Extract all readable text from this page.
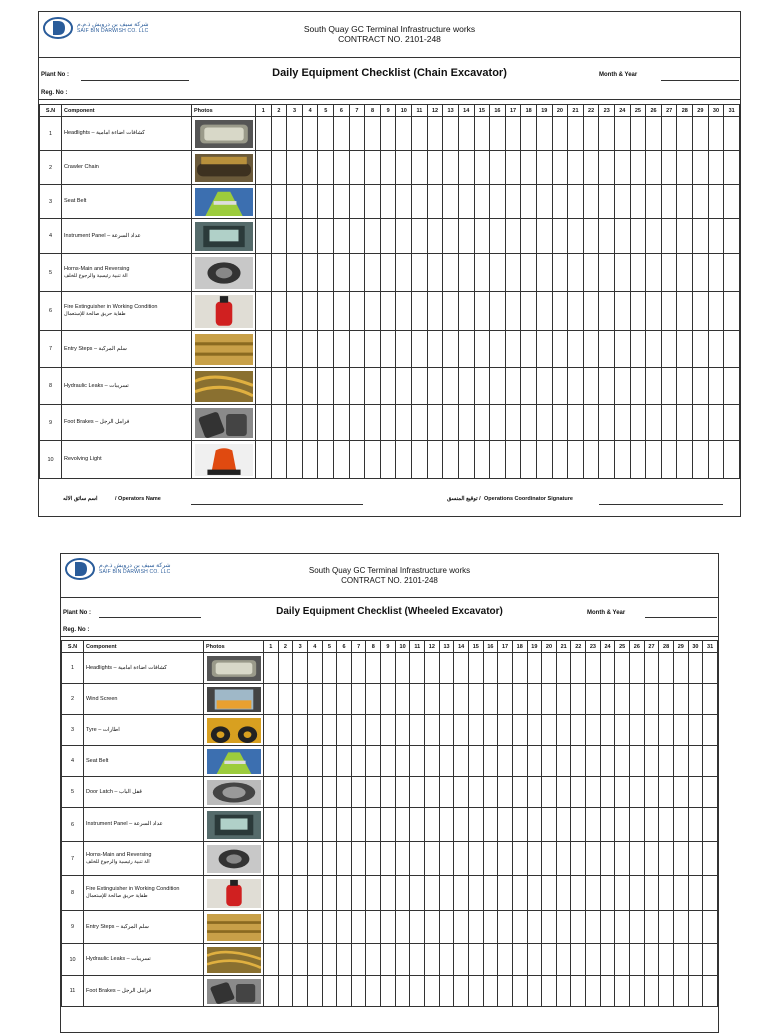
شركة سيف بن درويش ذ.م.م
SAIF BIN DARWISH CO. LLC	South Quay GC Terminal Infrastructure works
CONTRACT NO. 2101-248
Daily Equipment Checklist (Chain Excavator)
Plant No :	Month & Year
Reg. No :
S.N	Component	Photos	1	2	3	4	5	6	7	8	9	10	11	12	13	14	15	16	17	18	19	20	21	22	23	24	25	26	27	28	29	30	31
1	Headlights – كشافات اضاءة امامية	

2	Crawler Chain	

3	Seat Belt	

4	Instrument Panel – عداد السرعة	

5	Horns-Main and Reversing
الة تنبية رئيسية والرجوع للخلف

6	Fire Extinguisher in Working Condition
طفاية حريق صالحة للإستعمال

7	Entry Steps – سلم المركبة	

8	Hydraulic Leaks – تسريبات	

9	Foot Brakes – فرامل الرجل	

10	Revolving Light	

اسم سائق الاله	/ Operators Name	توقيع المنسق / Operations Coordinator Signature
شركة سيف بن درويش ذ.م.م
SAIF BIN DARWISH CO. LLC	South Quay GC Terminal Infrastructure works
CONTRACT NO. 2101-248
Daily Equipment Checklist (Wheeled Excavator)
Plant No :	Month & Year
Reg. No :
S.N	Component	Photos	1	2	3	4	5	6	7	8	9	10	11	12	13	14	15	16	17	18	19	20	21	22	23	24	25	26	27	28	29	30	31
1	Headlights – كشافات اضاءة امامية	

2	Wind Screen	

3	Tyre – اطارات	

4	Seat Belt	

5	Door Latch – قفل الباب	

6	Instrument Panel – عداد السرعة	

7	Horns-Main and Reversing
الة تنبية رئيسية والرجوع للخلف

8	Fire Extinguisher in Working Condition
طفاية حريق صالحة للإستعمال

9	Entry Steps – سلم المركبة	

10	Hydraulic Leaks – تسريبات	

11	Foot Brakes – فرامل الرجل	
